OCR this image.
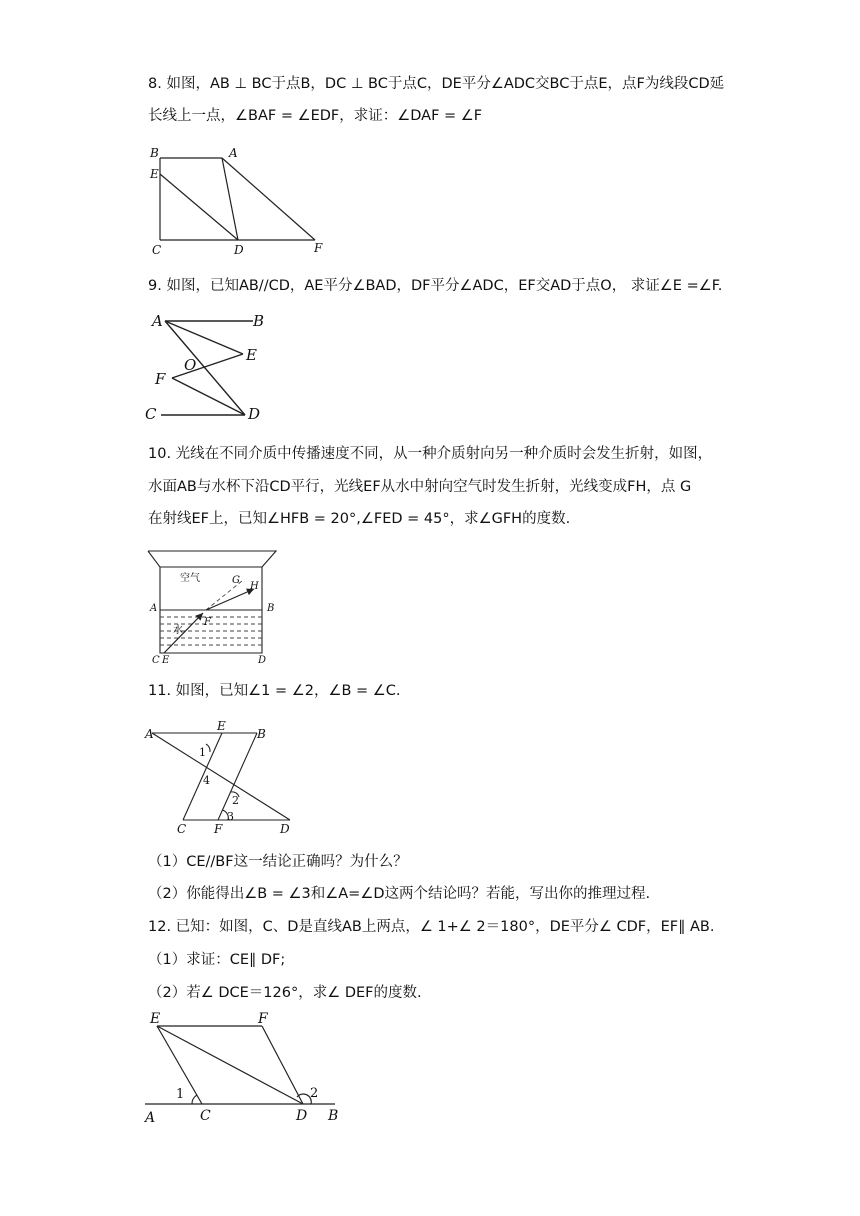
8. 如图，AB ⊥ BC于点B，DC ⊥ BC于点C，DE平分∠ADC交BC于点E，点F为线段CD延
长线上一点，∠BAF = ∠EDF，求证：∠DAF = ∠F
B	A
E
C	D	F
9. 如图，已知AB//CD，AE平分∠BAD，DF平分∠ADC，EF交AD于点O， 求证∠E =∠F.
A	B
E
O
F
C	D
10. 光线在不同介质中传播速度不同，从一种介质射向另一种介质时会发生折射，如图，
水面AB与水杯下沿CD平行，光线EF从水中射向空气时发生折射，光线变成FH，点 G
在射线EF上，已知∠HFB = 20°,∠FED = 45°，求∠GFH的度数.
空气
水
G
H
F
A	B
C E	D
11. 如图，已知∠1 = ∠2，∠B = ∠C.
A
E
B
1
4
2
3
C F	D
（1）CE//BF这一结论正确吗？为什么？
（2）你能得出∠B = ∠3和∠A=∠D这两个结论吗？若能，写出你的推理过程.
12. 已知：如图，C、D是直线AB上两点，∠ 1+∠ 2＝180°，DE平分∠ CDF，EF∥ AB.
（1）求证：CE∥ DF;
（2）若∠ DCE＝126°，求∠ DEF的度数.
E	F
1	2
A	C	D B
